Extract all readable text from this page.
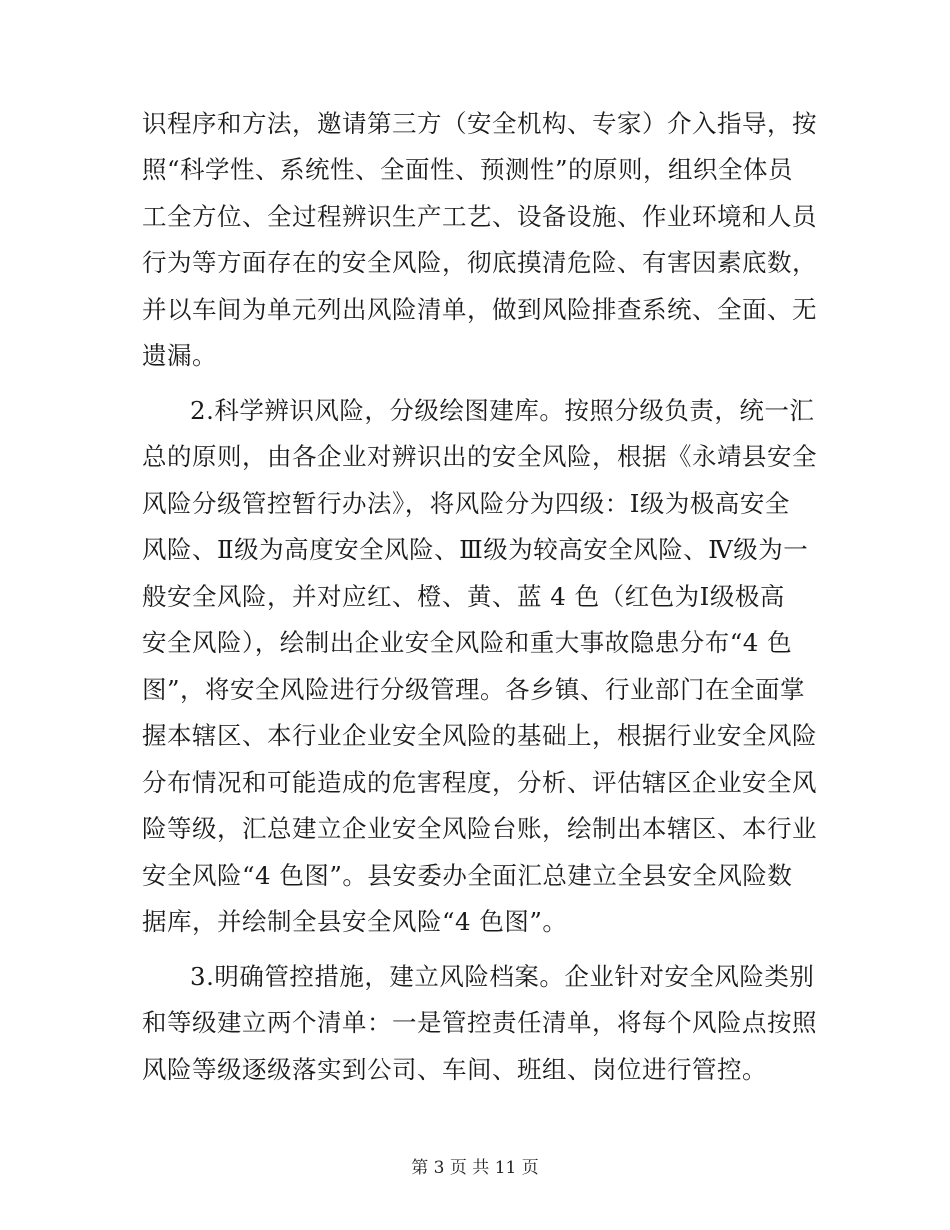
识程序和方法，邀请第三方（安全机构、专家）介入指导，按
照“科学性、系统性、全面性、预测性”的原则，组织全体员
工全方位、全过程辨识生产工艺、设备设施、作业环境和人员
行为等方面存在的安全风险，彻底摸清危险、有害因素底数，
并以车间为单元列出风险清单，做到风险排查系统、全面、无
遗漏。
2.科学辨识风险，分级绘图建库。按照分级负责，统一汇
总的原则，由各企业对辨识出的安全风险，根据《永靖县安全
风险分级管控暂行办法》，将风险分为四级：Ⅰ级为极高安全
风险、Ⅱ级为高度安全风险、Ⅲ级为较高安全风险、Ⅳ级为一
般安全风险，并对应红、橙、黄、蓝 4 色（红色为Ⅰ级极高
安全风险），绘制出企业安全风险和重大事故隐患分布“4 色
图”，将安全风险进行分级管理。各乡镇、行业部门在全面掌
握本辖区、本行业企业安全风险的基础上，根据行业安全风险
分布情况和可能造成的危害程度，分析、评估辖区企业安全风
险等级，汇总建立企业安全风险台账，绘制出本辖区、本行业
安全风险“4 色图”。县安委办全面汇总建立全县安全风险数
据库，并绘制全县安全风险“4 色图”。
3.明确管控措施，建立风险档案。企业针对安全风险类别
和等级建立两个清单：一是管控责任清单，将每个风险点按照
风险等级逐级落实到公司、车间、班组、岗位进行管控。
第 3 页 共 11 页
